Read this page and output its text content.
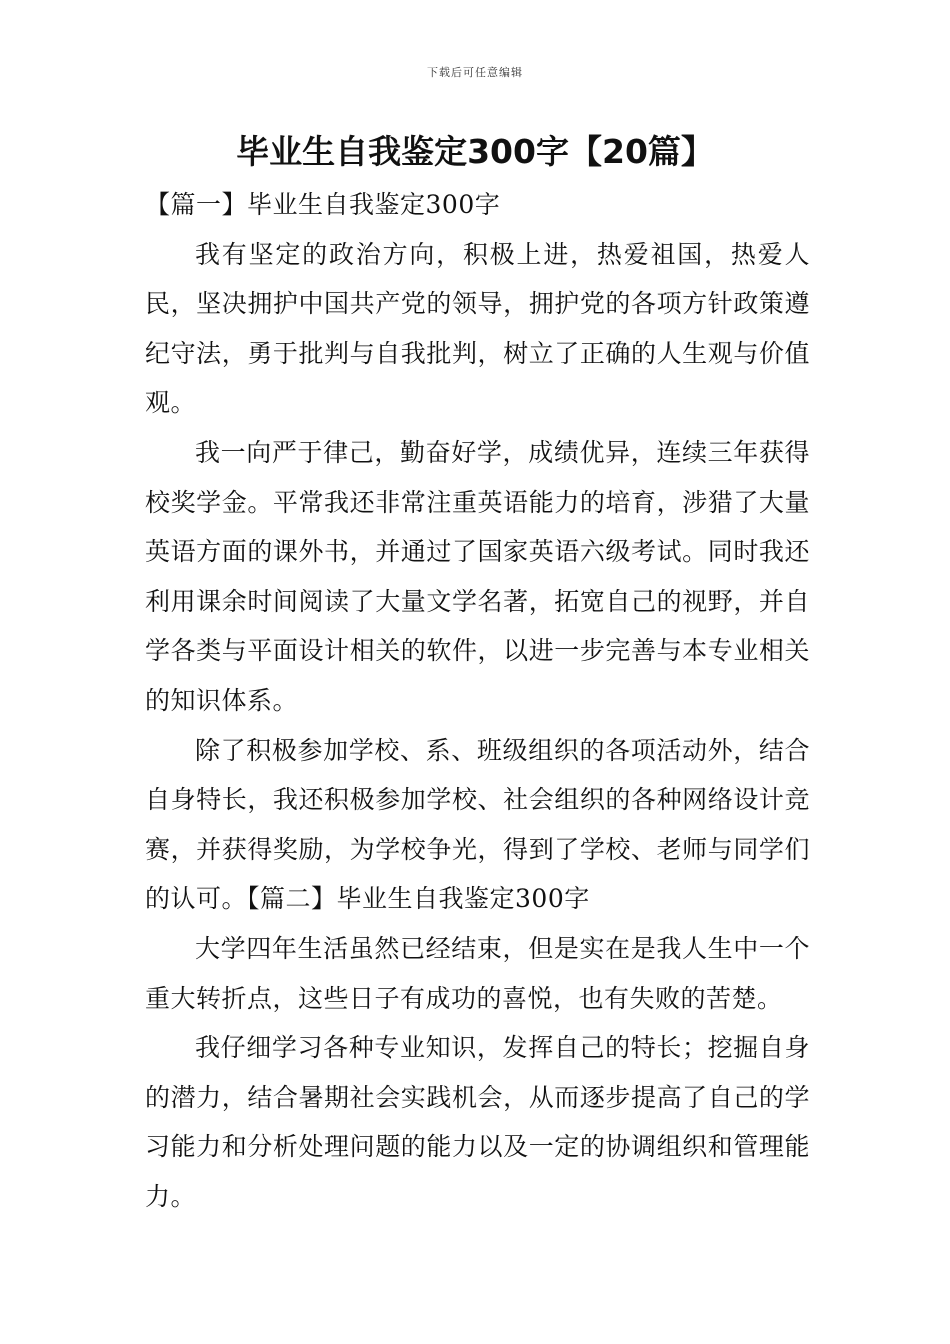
下载后可任意编辑
毕业生自我鉴定300字【20篇】

【篇一】毕业生自我鉴定300字

我有坚定的政治方向，积极上进，热爱祖国，热爱人民，坚决拥护中国共产党的领导，拥护党的各项方针政策遵纪守法，勇于批判与自我批判，树立了正确的人生观与价值观。

我一向严于律己，勤奋好学，成绩优异，连续三年获得校奖学金。平常我还非常注重英语能力的培育，涉猎了大量英语方面的课外书，并通过了国家英语六级考试。同时我还利用课余时间阅读了大量文学名著，拓宽自己的视野，并自学各类与平面设计相关的软件，以进一步完善与本专业相关的知识体系。

除了积极参加学校、系、班级组织的各项活动外，结合自身特长，我还积极参加学校、社会组织的各种网络设计竞赛，并获得奖励，为学校争光，得到了学校、老师与同学们的认可。【篇二】毕业生自我鉴定300字

大学四年生活虽然已经结束，但是实在是我人生中一个重大转折点，这些日子有成功的喜悦，也有失败的苦楚。

我仔细学习各种专业知识，发挥自己的特长；挖掘自身的潜力，结合暑期社会实践机会，从而逐步提高了自己的学习能力和分析处理问题的能力以及一定的协调组织和管理能力。
